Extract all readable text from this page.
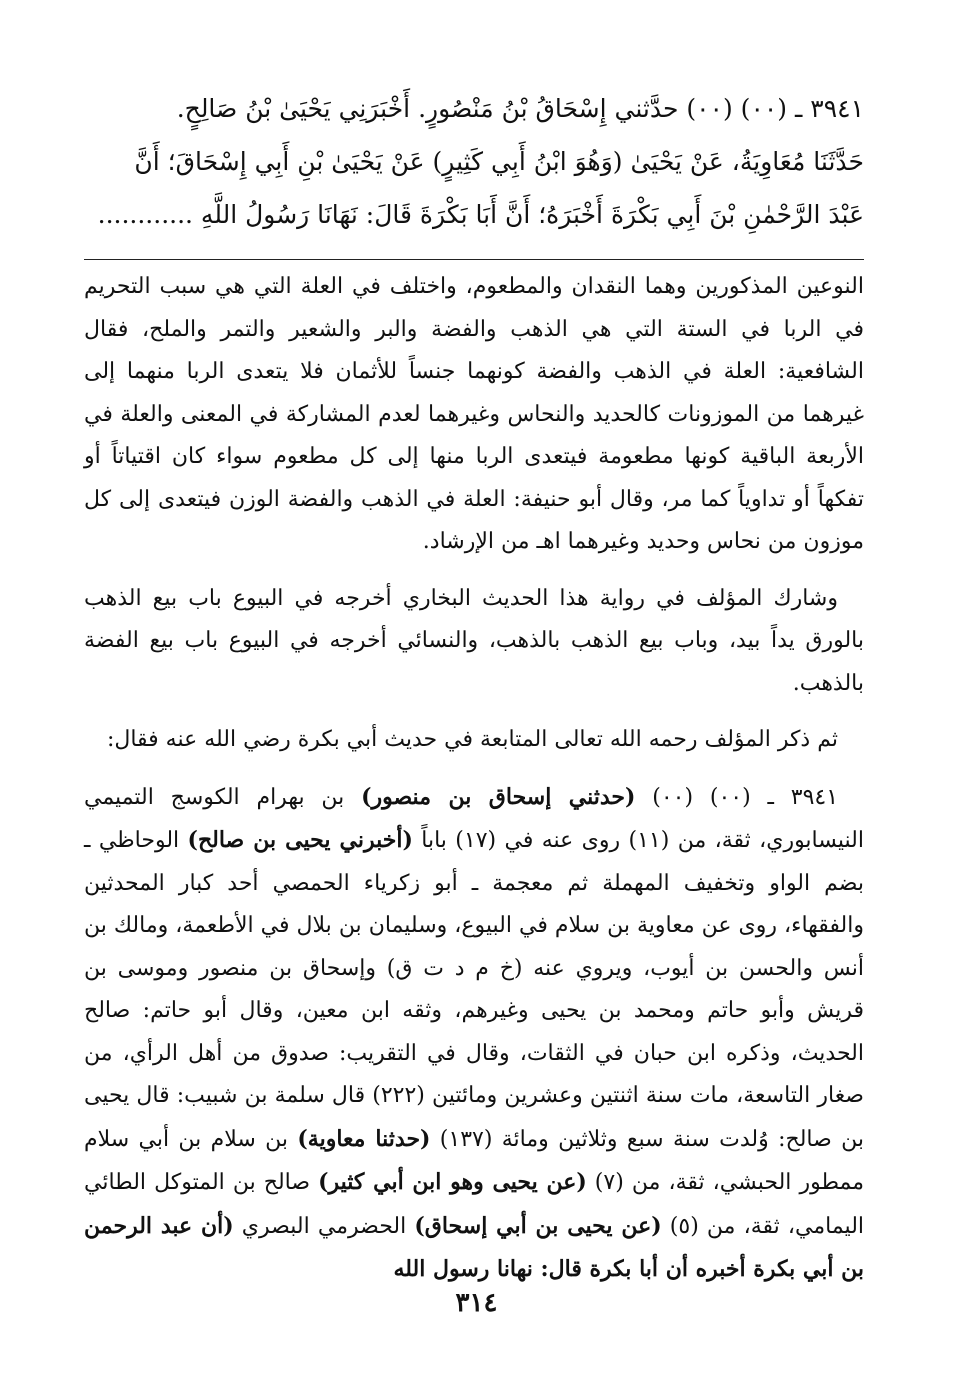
٣٩٤١ ـ (٠٠) (٠٠) حدَّثني إِسْحَاقُ بْنُ مَنْصُورٍ. أَخْبَرَنِي يَحْيَىٰ بْنُ صَالِحٍ.
حَدَّثَنَا مُعَاوِيَةُ، عَنْ يَحْيَىٰ (وَهُوَ ابْنُ أَبِي كَثِيرٍ) عَنْ يَحْيَىٰ بْنِ أَبِي إِسْحَاقَ؛ أَنَّ
عَبْدَ الرَّحْمٰنِ بْنَ أَبِي بَكْرَةَ أَخْبَرَهُ؛ أَنَّ أَبَا بَكْرَةَ قَالَ: نَهَانَا رَسُولُ اللَّهِ ............

النوعين المذكورين وهما النقدان والمطعوم، واختلف في العلة التي هي سبب التحريم في الربا في الستة التي هي الذهب والفضة والبر والشعير والتمر والملح، فقال الشافعية: العلة في الذهب والفضة كونهما جنساً للأثمان فلا يتعدى الربا منهما إلى غيرهما من الموزونات كالحديد والنحاس وغيرهما لعدم المشاركة في المعنى والعلة في الأربعة الباقية كونها مطعومة فيتعدى الربا منها إلى كل مطعوم سواء كان اقتياتاً أو تفكهاً أو تداوياً كما مر، وقال أبو حنيفة: العلة في الذهب والفضة الوزن فيتعدى إلى كل موزون من نحاس وحديد وغيرهما اهـ من الإرشاد.

وشارك المؤلف في رواية هذا الحديث البخاري أخرجه في البيوع باب بيع الذهب بالورق يداً بيد، وباب بيع الذهب بالذهب، والنسائي أخرجه في البيوع باب بيع الفضة بالذهب.

ثم ذكر المؤلف رحمه الله تعالى المتابعة في حديث أبي بكرة رضي الله عنه فقال:

٣٩٤١ ـ (٠٠) (٠٠) (حدثني إسحاق بن منصور) بن بهرام الكوسج التميمي النيسابوري، ثقة، من (١١) روى عنه في (١٧) باباً (أخبرني يحيى بن صالح) الوحاظي ـ بضم الواو وتخفيف المهملة ثم معجمة ـ أبو زكرياء الحمصي أحد كبار المحدثين والفقهاء، روى عن معاوية بن سلام في البيوع، وسليمان بن بلال في الأطعمة، ومالك بن أنس والحسن بن أيوب، ويروي عنه (خ م د ت ق) وإسحاق بن منصور وموسى بن قريش وأبو حاتم ومحمد بن يحيى وغيرهم، وثقه ابن معين، وقال أبو حاتم: صالح الحديث، وذكره ابن حبان في الثقات، وقال في التقريب: صدوق من أهل الرأي، من صغار التاسعة، مات سنة اثنتين وعشرين ومائتين (٢٢٢) قال سلمة بن شبيب: قال يحيى بن صالح: وُلدت سنة سبع وثلاثين ومائة (١٣٧) (حدثنا معاوية) بن سلام بن أبي سلام ممطور الحبشي، ثقة، من (٧) (عن يحيى وهو ابن أبي كثير) صالح بن المتوكل الطائي اليمامي، ثقة، من (٥) (عن يحيى بن أبي إسحاق) الحضرمي البصري (أن عبد الرحمن بن أبي بكرة أخبره أن أبا بكرة قال: نهانا رسول الله

٣١٤
